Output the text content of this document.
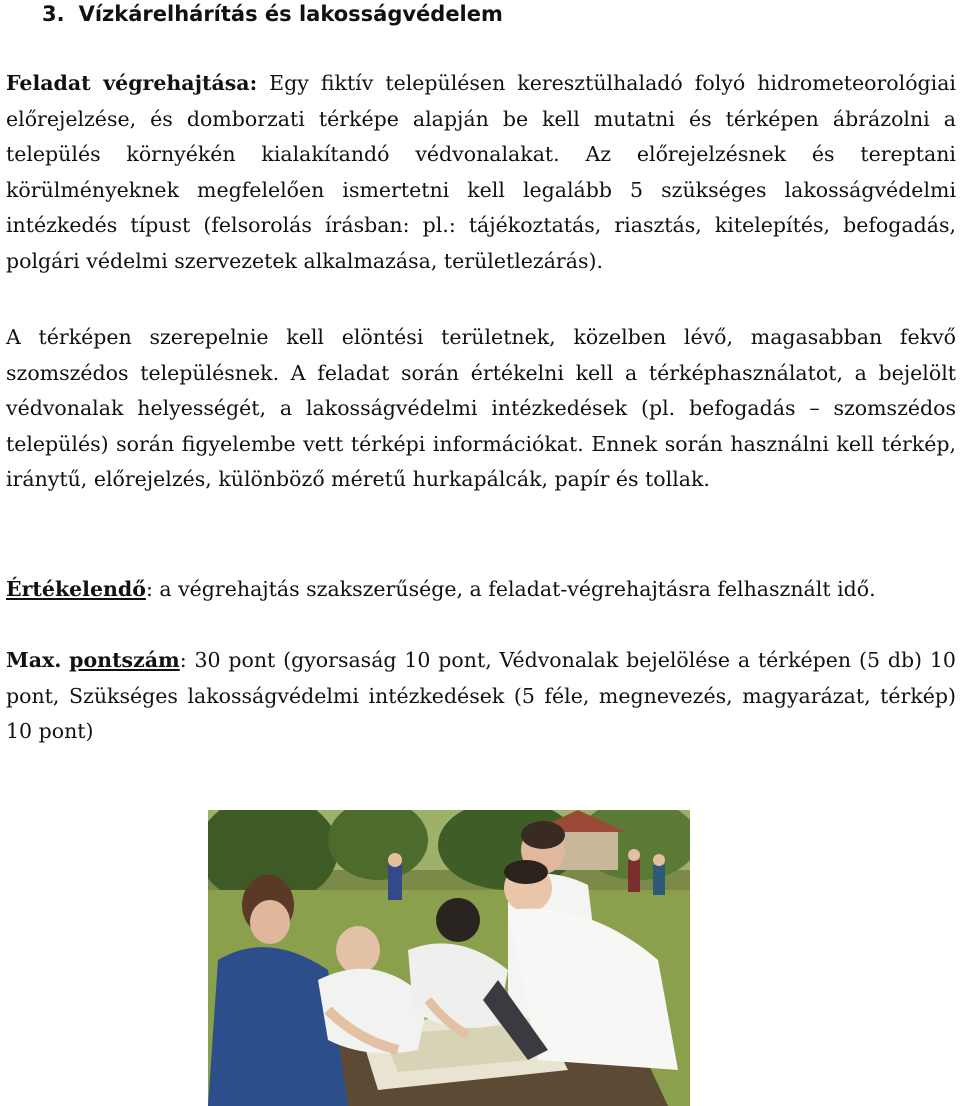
3. Vízkárelhárítás és lakosságvédelem
Feladat végrehajtása: Egy fiktív településen keresztülhaladó folyó hidrometeorológiai előrejelzése, és domborzati térképe alapján be kell mutatni és térképen ábrázolni a település környékén kialakítandó védvonalakat. Az előrejelzésnek és tereptani körülményeknek megfelelően ismertetni kell legalább 5 szükséges lakosságvédelmi intézkedés típust (felsorolás írásban: pl.: tájékoztatás, riasztás, kitelepítés, befogadás, polgári védelmi szervezetek alkalmazása, területlezárás).
A térképen szerepelnie kell elöntési területnek, közelben lévő, magasabban fekvő szomszédos településnek. A feladat során értékelni kell a térképhasználatot, a bejelölt védvonalak helyességét, a lakosságvédelmi intézkedések (pl. befogadás – szomszédos település) során figyelembe vett térképi információkat. Ennek során használni kell térkép, iránytű, előrejelzés, különböző méretű hurkapálcák, papír és tollak.
Értékelendő: a végrehajtás szakszerűsége, a feladat-végrehajtásra felhasznált idő.
Max. pontszám: 30 pont (gyorsaság 10 pont, Védvonalak bejelölése a térképen (5 db) 10 pont, Szükséges lakosságvédelmi intézkedések (5 féle, megnevezés, magyarázat, térkép) 10 pont)
